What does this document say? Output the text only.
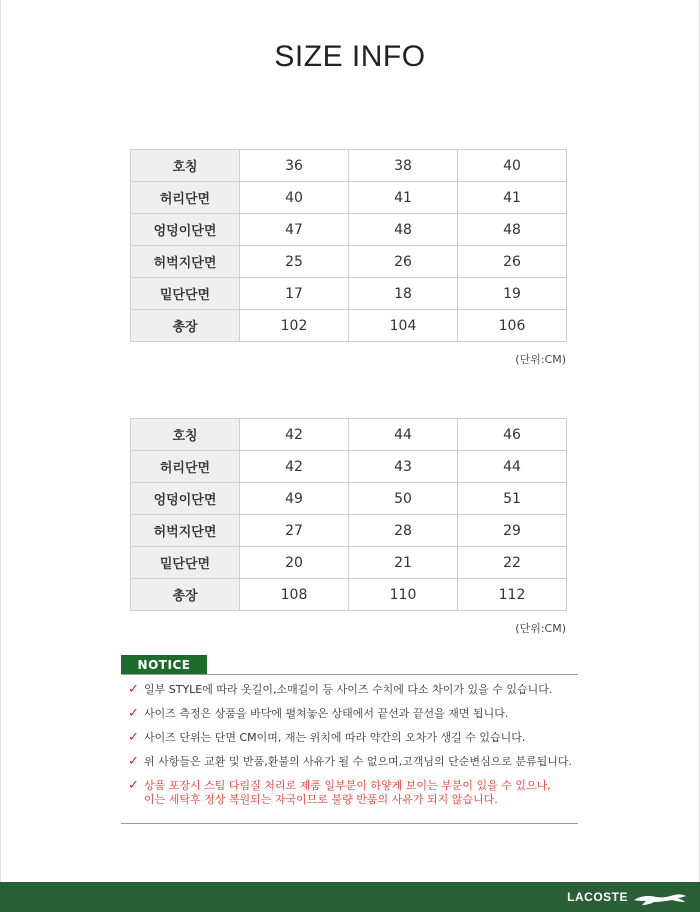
SIZE INFO
호칭	36	38	40
허리단면	40	41	41
엉덩이단면	47	48	48
허벅지단면	25	26	26
밑단단면	17	18	19
총장	102	104	106
(단위:CM)
호칭	42	44	46
허리단면	42	43	44
엉덩이단면	49	50	51
허벅지단면	27	28	29
밑단단면	20	21	22
총장	108	110	112
(단위:CM)
NOTICE
✓ 일부 STYLE에 따라 옷길이,소매길이 등 사이즈 수치에 다소 차이가 있을 수 있습니다.
✓ 사이즈 측정은 상품을 바닥에 펼쳐놓은 상태에서 끝선과 끝선을 재면 됩니다.
✓ 사이즈 단위는 단면 CM이며, 재는 위치에 따라 약간의 오차가 생길 수 있습니다.
✓ 위 사항들은 교환 및 반품,환불의 사유가 될 수 없으며,고객님의 단순변심으로 분류됩니다.
✓ 상품 포장시 스팀 다림질 처리로 제품 일부분이 하얗게 보이는 부분이 있을 수 있으나,
이는 세탁후 정상 복원되는 자국이므로 불량 반품의 사유가 되지 않습니다.
LACOSTE
